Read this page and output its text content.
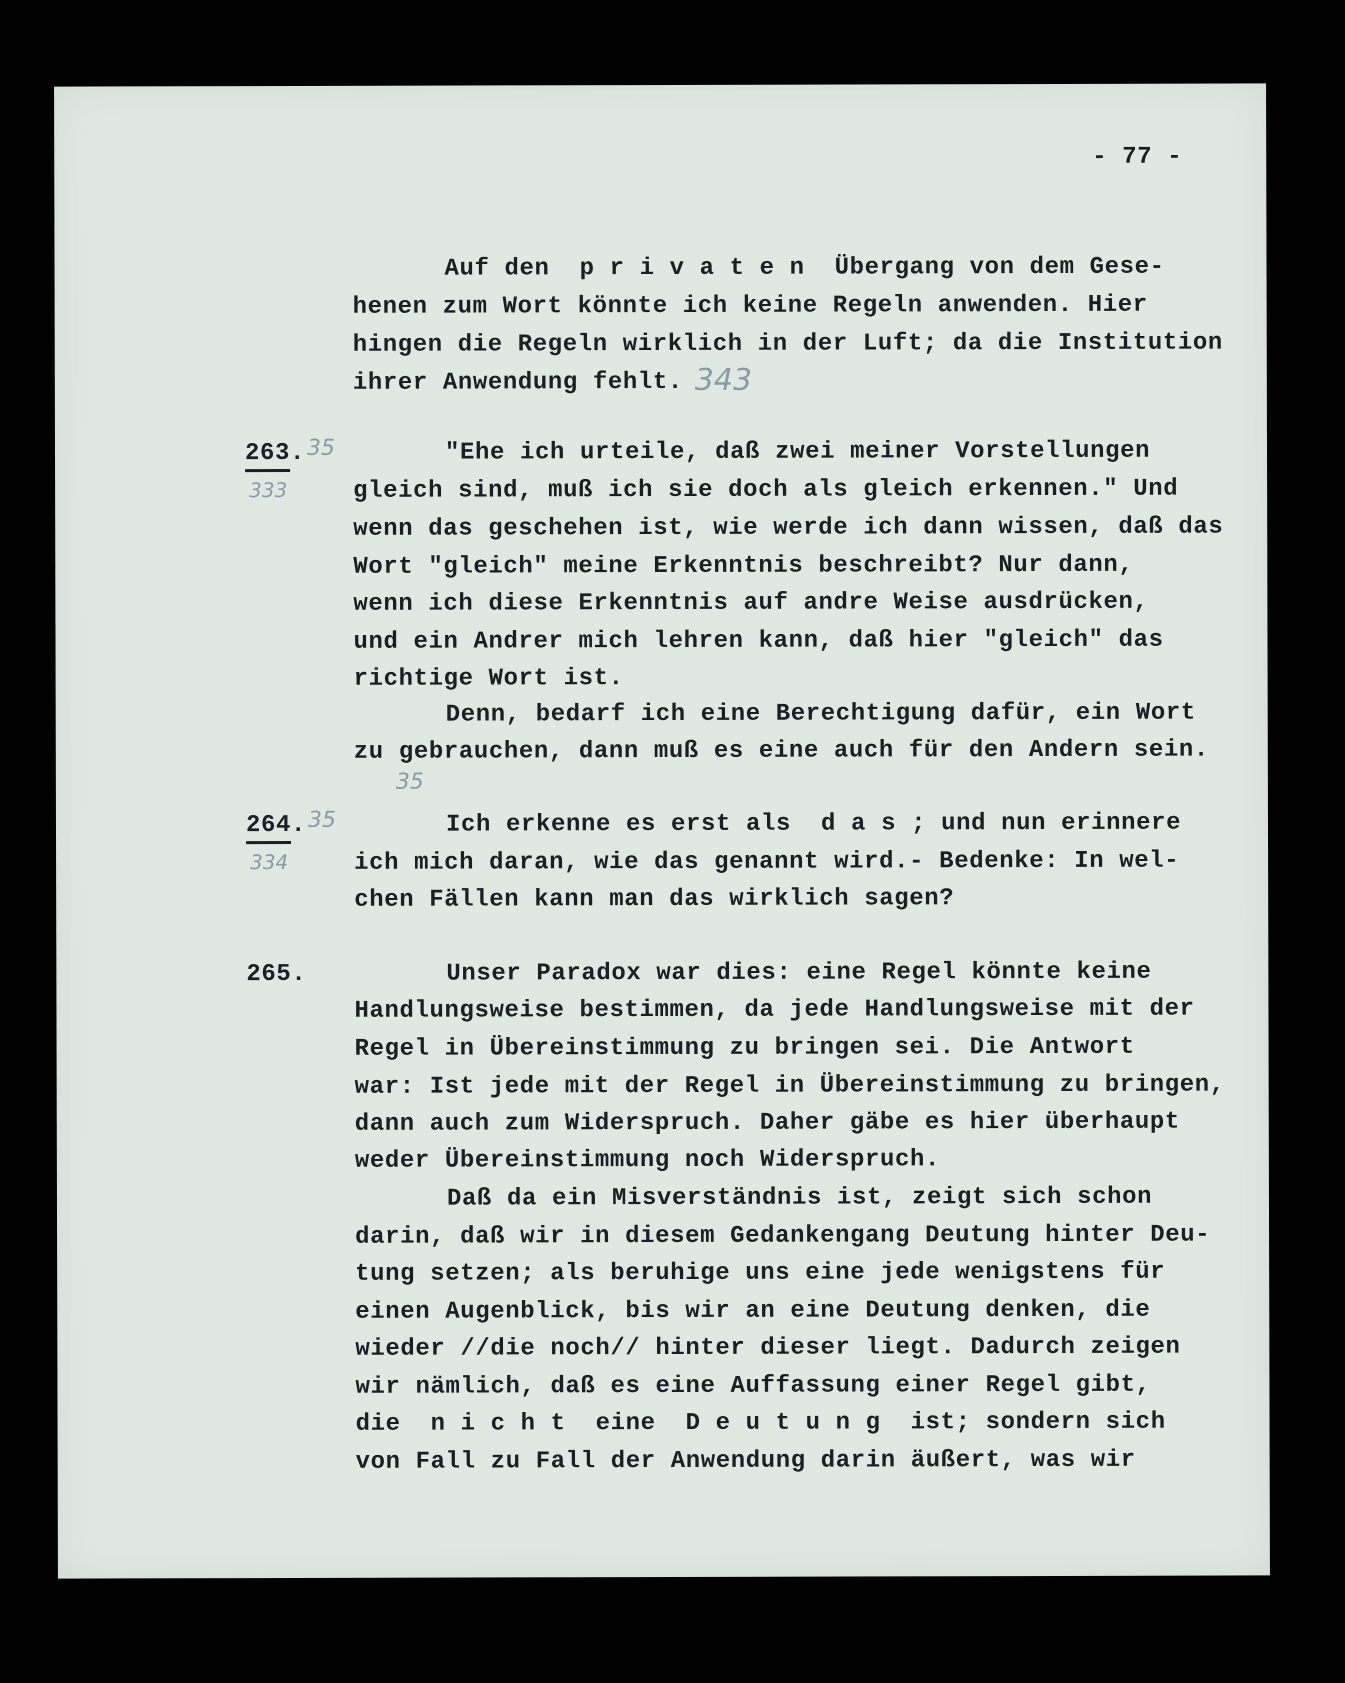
- 77 -
Auf den  p r i v a t e n  Übergang von dem Gese-
henen zum Wort könnte ich keine Regeln anwenden. Hier
hingen die Regeln wirklich in der Luft; da die Institution
ihrer Anwendung fehlt. 343
263. 35
333
"Ehe ich urteile, daß zwei meiner Vorstellungen
gleich sind, muß ich sie doch als gleich erkennen." Und
wenn das geschehen ist, wie werde ich dann wissen, daß das
Wort "gleich" meine Erkenntnis beschreibt? Nur dann,
wenn ich diese Erkenntnis auf andre Weise ausdrücken,
und ein Andrer mich lehren kann, daß hier "gleich" das
richtige Wort ist.
Denn, bedarf ich eine Berechtigung dafür, ein Wort
zu gebrauchen, dann muß es eine auch für den Andern sein.
35
264. 35
334
Ich erkenne es erst als  d a s ; und nun erinnere
ich mich daran, wie das genannt wird.- Bedenke: In wel-
chen Fällen kann man das wirklich sagen?
265.	Unser Paradox war dies: eine Regel könnte keine
Handlungsweise bestimmen, da jede Handlungsweise mit der
Regel in Übereinstimmung zu bringen sei. Die Antwort
war: Ist jede mit der Regel in Übereinstimmung zu bringen,
dann auch zum Widerspruch. Daher gäbe es hier überhaupt
weder Übereinstimmung noch Widerspruch.
Daß da ein Misverständnis ist, zeigt sich schon
darin, daß wir in diesem Gedankengang Deutung hinter Deu-
tung setzen; als beruhige uns eine jede wenigstens für
einen Augenblick, bis wir an eine Deutung denken, die
wieder //die noch// hinter dieser liegt. Dadurch zeigen
wir nämlich, daß es eine Auffassung einer Regel gibt,
die  n i c h t  eine  D e u t u n g  ist; sondern sich
von Fall zu Fall der Anwendung darin äußert, was wir
